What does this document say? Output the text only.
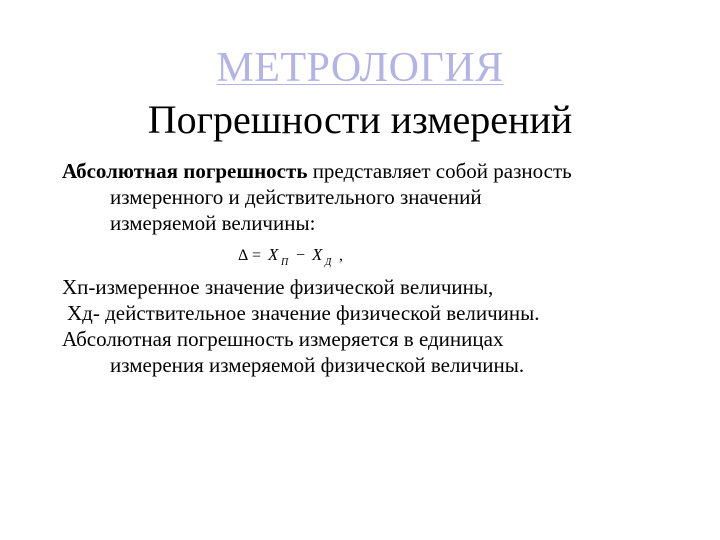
МЕТРОЛОГИЯ
Погрешности измерений

Абсолютная погрешность представляет собой разность

измеренного и действительного значений
измеряемой величины:
Δ = X П − X Д ,
Хп-измеренное значение физической величины,
Хд- действительное значение физической величины.
Абсолютная погрешность измеряется в единицах
измерения измеряемой физической величины.
